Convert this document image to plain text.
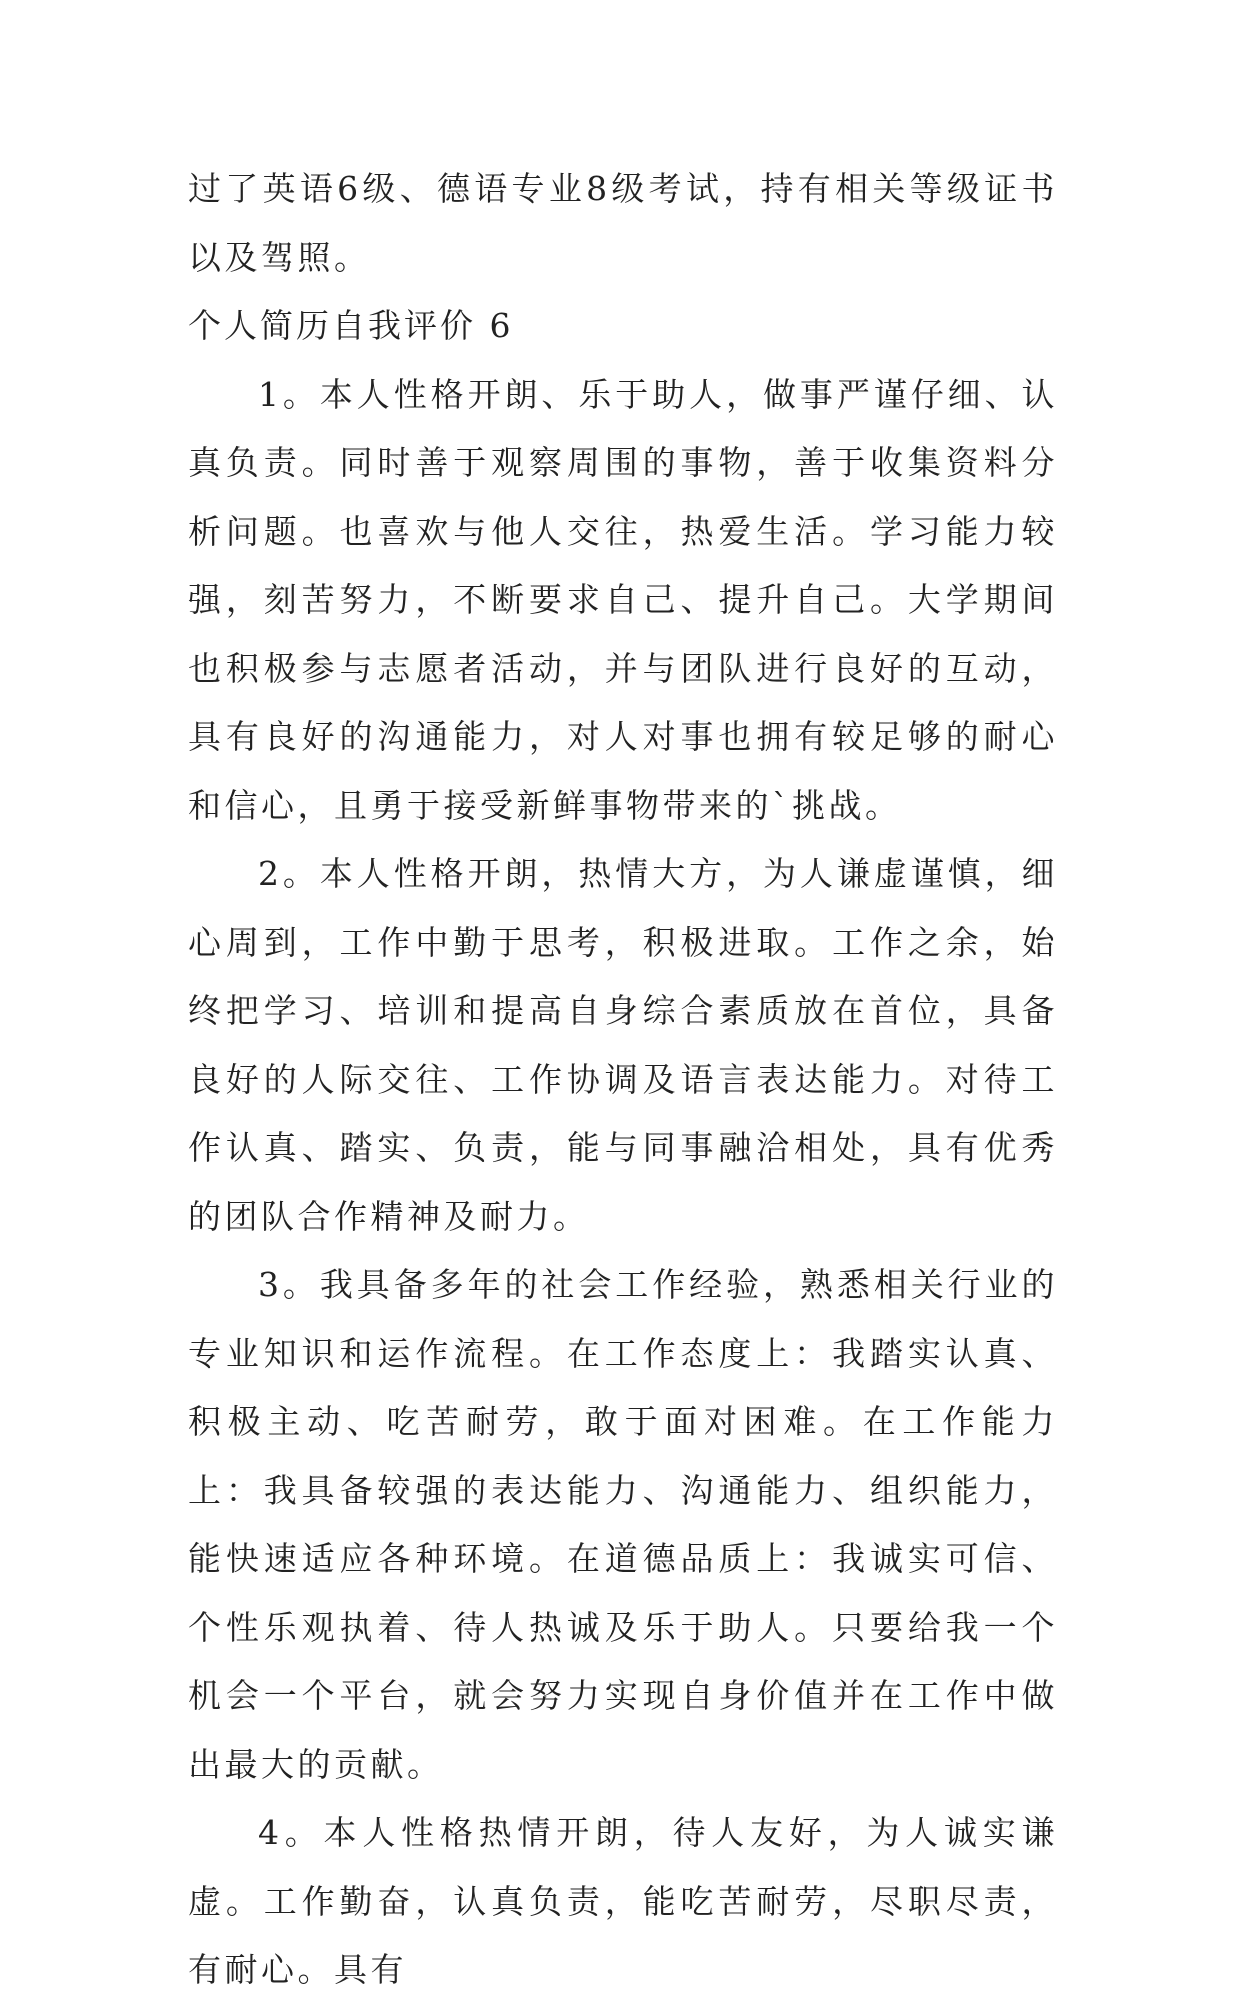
过了英语6级、德语专业8级考试，持有相关等级证书以及驾照。

个人简历自我评价 6

1。本人性格开朗、乐于助人，做事严谨仔细、认真负责。同时善于观察周围的事物，善于收集资料分析问题。也喜欢与他人交往，热爱生活。学习能力较强，刻苦努力，不断要求自己、提升自己。大学期间也积极参与志愿者活动，并与团队进行良好的互动，具有良好的沟通能力，对人对事也拥有较足够的耐心和信心，且勇于接受新鲜事物带来的`挑战。

2。本人性格开朗，热情大方，为人谦虚谨慎，细心周到，工作中勤于思考，积极进取。工作之余，始终把学习、培训和提高自身综合素质放在首位，具备良好的人际交往、工作协调及语言表达能力。对待工作认真、踏实、负责，能与同事融洽相处，具有优秀的团队合作精神及耐力。

3。我具备多年的社会工作经验，熟悉相关行业的专业知识和运作流程。在工作态度上：我踏实认真、积极主动、吃苦耐劳，敢于面对困难。在工作能力上：我具备较强的表达能力、沟通能力、组织能力，能快速适应各种环境。在道德品质上：我诚实可信、个性乐观执着、待人热诚及乐于助人。只要给我一个机会一个平台，就会努力实现自身价值并在工作中做出最大的贡献。

4。本人性格热情开朗，待人友好，为人诚实谦虚。工作勤奋，认真负责，能吃苦耐劳，尽职尽责，有耐心。具有
